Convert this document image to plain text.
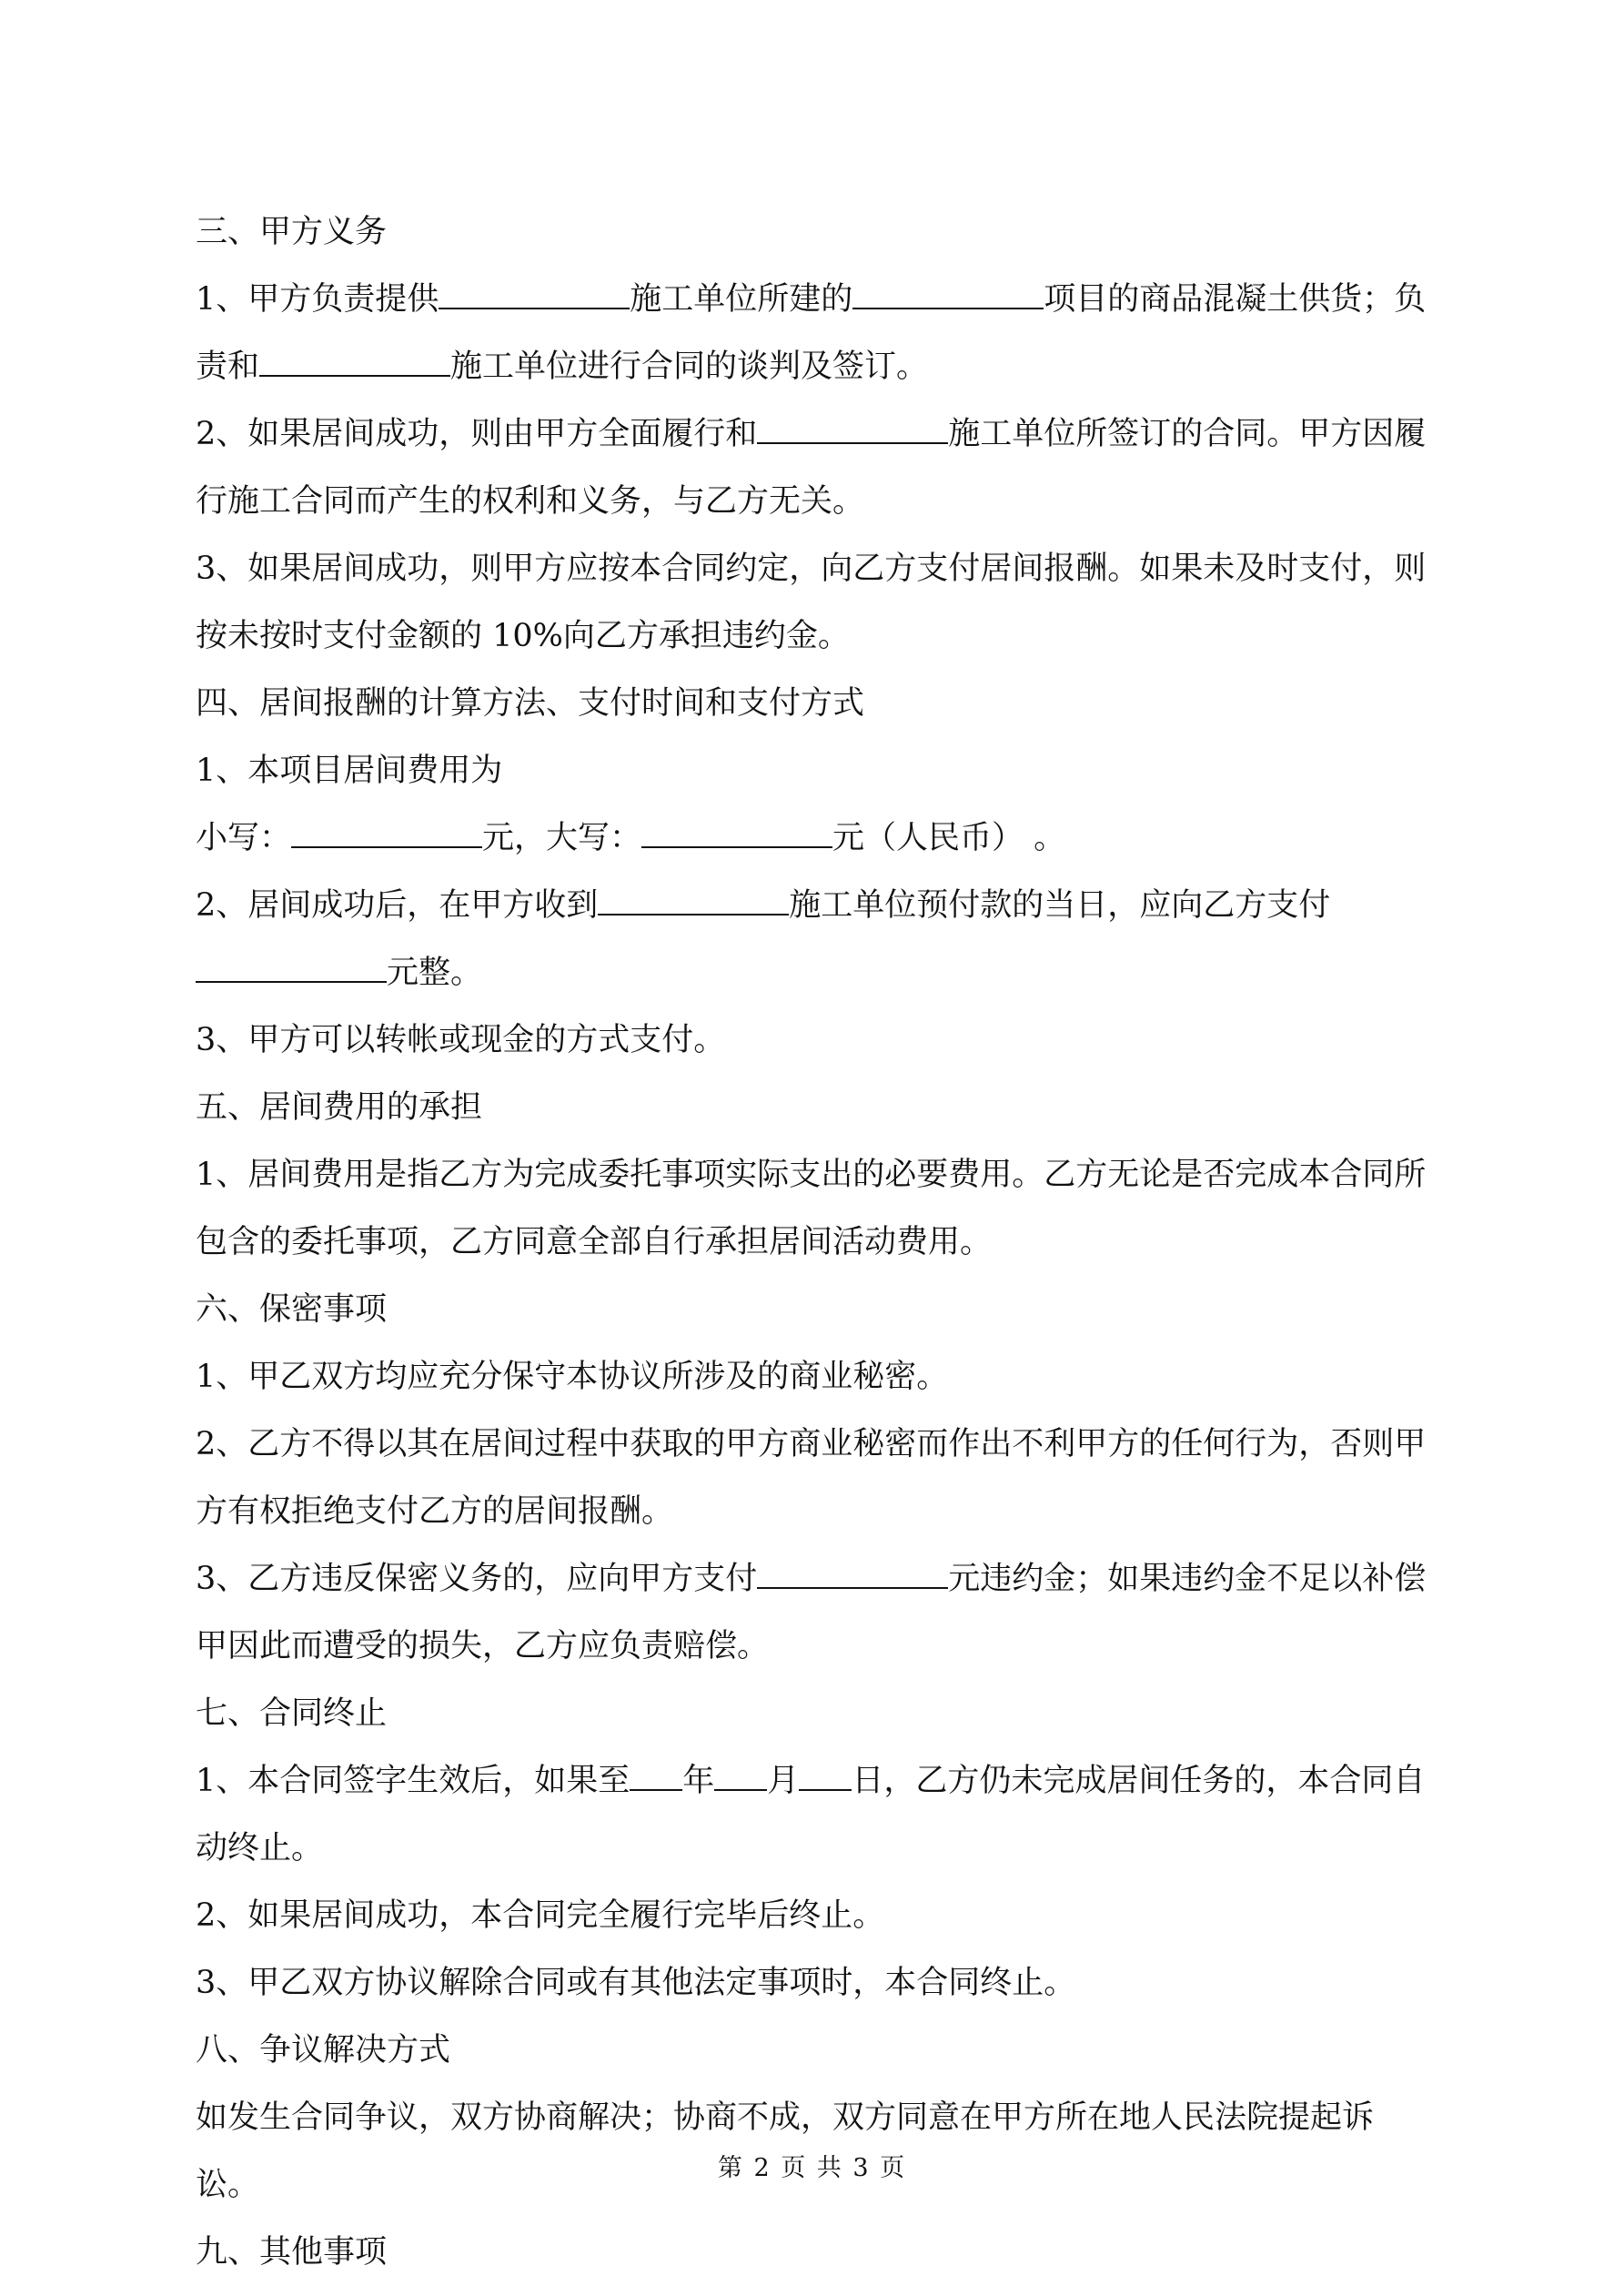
三、甲方义务

1、甲方负责提供	施工单位所建的	项目的商品混凝土供货；负责和	施工单位进行合同的谈判及签订。

2、如果居间成功，则由甲方全面履行和	施工单位所签订的合同。甲方因履行施工合同而产生的权利和义务，与乙方无关。

3、如果居间成功，则甲方应按本合同约定，向乙方支付居间报酬。如果未及时支付，则按未按时支付金额的 10%向乙方承担违约金。

四、居间报酬的计算方法、支付时间和支付方式

1、本项目居间费用为

小写：	元，大写：	元（人民币） 。

2、居间成功后，在甲方收到	施工单位预付款的当日，应向乙方支付元整。

3、甲方可以转帐或现金的方式支付。

五、居间费用的承担

1、居间费用是指乙方为完成委托事项实际支出的必要费用。乙方无论是否完成本合同所包含的委托事项，乙方同意全部自行承担居间活动费用。

六、保密事项

1、甲乙双方均应充分保守本协议所涉及的商业秘密。

2、乙方不得以其在居间过程中获取的甲方商业秘密而作出不利甲方的任何行为，否则甲方有权拒绝支付乙方的居间报酬。

3、乙方违反保密义务的，应向甲方支付	元违约金；如果违约金不足以补偿甲因此而遭受的损失，乙方应负责赔偿。

七、合同终止

1、本合同签字生效后，如果至 年 月 日，乙方仍未完成居间任务的，本合同自动终止。

2、如果居间成功，本合同完全履行完毕后终止。

3、甲乙双方协议解除合同或有其他法定事项时，本合同终止。

八、争议解决方式

如发生合同争议，双方协商解决；协商不成，双方同意在甲方所在地人民法院提起诉讼。

九、其他事项

第 2 页 共 3 页
